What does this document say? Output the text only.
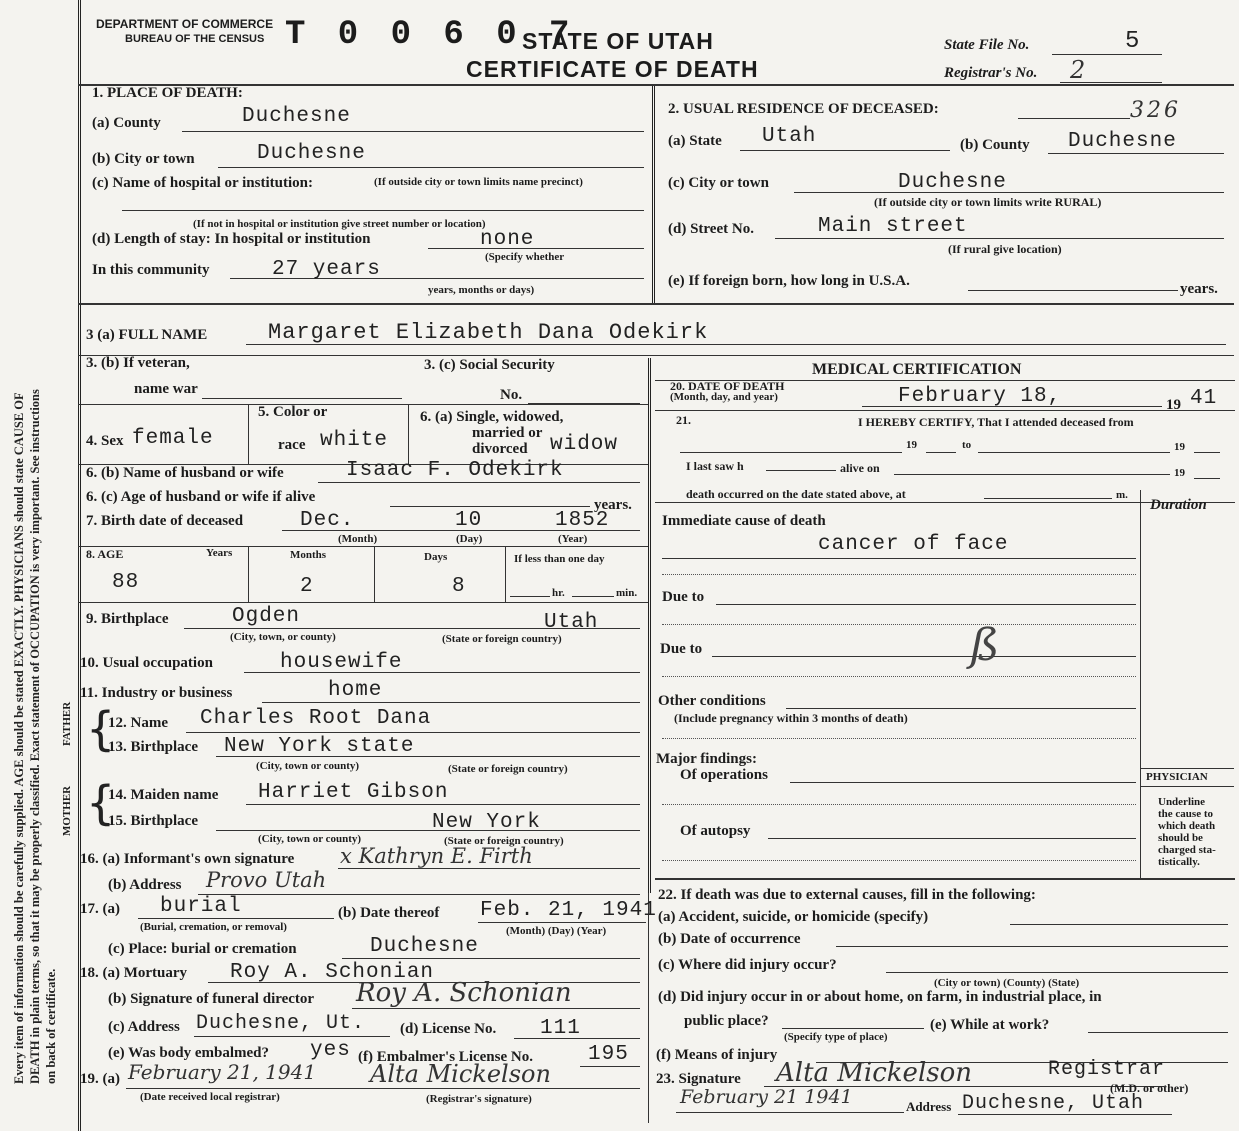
Every item of information should be carefully supplied. AGE should be stated EXACTLY. PHYSICIANS should state CAUSE OF DEATH in plain terms, so that it may be properly classified. Exact statement of OCCUPATION is very important. See instructions on back of certificate.
DEPARTMENT OF COMMERCE
BUREAU OF THE CENSUS T 0 0 6 0 7
STATE OF UTAH
CERTIFICATE OF DEATH
State File No.	5
Registrar's No. 2
326
1. PLACE OF DEATH:
(a) County	Duchesne
(b) City or town	Duchesne
(c) Name of hospital or institution:	(If outside city or town limits name precinct)
(If not in hospital or institution give street number or location)
(d) Length of stay: In hospital or institution	none
(Specify whether
In this community	27 years
years, months or days)
2. USUAL RESIDENCE OF DECEASED:
(a) State Utah	(b) County Duchesne
(c) City or town	Duchesne
(If outside city or town limits write RURAL)
(d) Street No.	Main street
(If rural give location)
(e) If foreign born, how long in U.S.A.	years.
3 (a) FULL NAME	Margaret Elizabeth Dana Odekirk
3. (b) If veteran,
name war
3. (c) Social Security
No.
4. Sex female
5. Color or
race white
6. (a) Single, widowed,
married or
divorced widow
6. (b) Name of husband or wife	Isaac F. Odekirk
6. (c) Age of husband or wife if alive	years.
7. Birth date of deceased	Dec.	10	1852
(Month)	(Day)	(Year)
8. AGE	Years	Months	Days	If less than one day
88	2	8	hr.	min.
9. Birthplace	Ogden	Utah
(City, town, or county)	(State or foreign country)
10. Usual occupation	housewife
11. Industry or business	home
FATHER {
12. Name Charles Root Dana
13. Birthplace New York state
(City, town or county)	(State or foreign country)
MOTHER {
14. Maiden name Harriet Gibson
15. Birthplace	New York
(City, town or county)	(State or foreign country)
16. (a) Informant's own signature x Kathryn E. Firth
(b) Address Provo Utah
17. (a) burial
(Burial, cremation, or removal)
(b) Date thereof Feb. 21, 1941
(Month) (Day) (Year)
(c) Place: burial or cremation	Duchesne
18. (a) Mortuary Roy A. Schonian
(b) Signature of funeral director Roy A. Schonian
(c) Address Duchesne, Ut. (d) License No. 111
(e) Was body embalmed? yes (f) Embalmer's License No.	195
19. (a) February 21, 1941 Alta Mickelson
(Date received local registrar)	(Registrar's signature)
MEDICAL CERTIFICATION
20. DATE OF DEATH
(Month, day, and year)	February 18,	19 41
21.	I HEREBY CERTIFY, That I attended deceased from
19	to	19
I last saw h	alive on	19
death occurred on the date stated above, at	m.
Duration
Immediate cause of death
cancer of face
Due to
Due to	ß
Other conditions
(Include pregnancy within 3 months of death)
Major findings:
Of operations
Of autopsy
PHYSICIAN
Underline
the cause to
which death
should be
charged sta-
tistically.
22. If death was due to external causes, fill in the following:
(a) Accident, suicide, or homicide (specify)
(b) Date of occurrence
(c) Where did injury occur?
(City or town) (County) (State)
(d) Did injury occur in or about home, on farm, in industrial place, in
public place?
(Specify type of place)
(e) While at work?
(f) Means of injury
23. Signature Alta Mickelson	Registrar
(M.D. or other)
February 21 1941	Address Duchesne, Utah
